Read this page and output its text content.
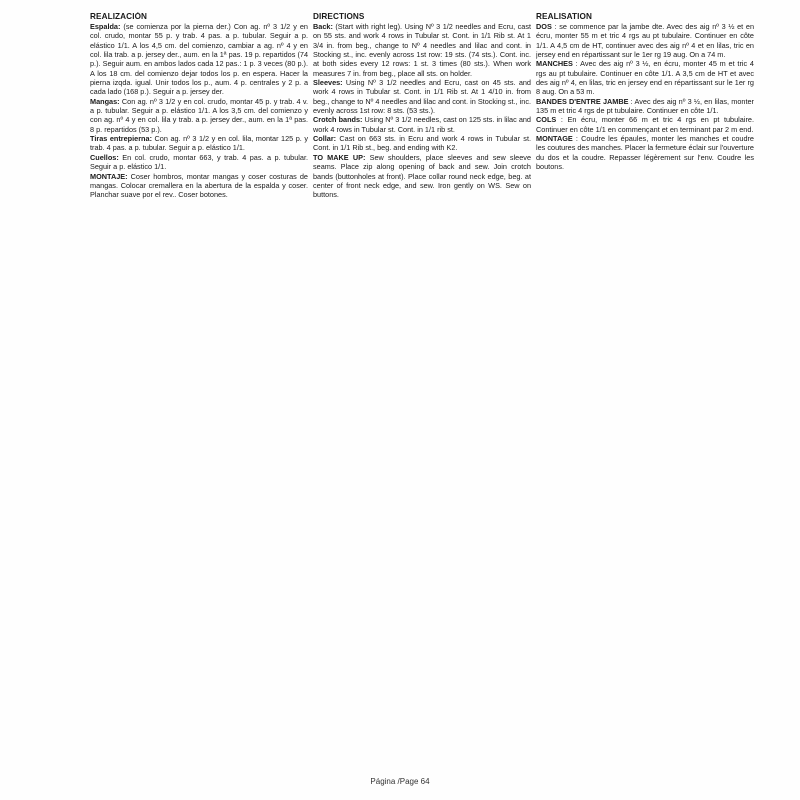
REALIZACIÓN

Espalda: (se comienza por la pierna der.) Con ag. nº 3 1/2 y en col. crudo, montar 55 p. y trab. 4 pas. a p. tubular. Seguir a p. elástico 1/1. A los 4,5 cm. del comienzo, cambiar a ag. nº 4 y en col. lila trab. a p. jersey der., aum. en la 1ª pas. 19 p. repartidos (74 p.). Seguir aum. en ambos lados cada 12 pas.: 1 p. 3 veces (80 p.). A los 18 cm. del comienzo dejar todos los p. en espera. Hacer la pierna izqda. igual. Unir todos los p., aum. 4 p. centrales y 2 p. a cada lado (168 p.). Seguir a p. jersey der.

Mangas: Con ag. nº 3 1/2 y en col. crudo, montar 45 p. y trab. 4 v. a p. tubular. Seguir a p. elástico 1/1. A los 3,5 cm. del comienzo y con ag. nº 4 y en col. lila y trab. a p. jersey der., aum. en la 1ª pas. 8 p. repartidos (53 p.).

Tiras entrepierna: Con ag. nº 3 1/2 y en col. lila, montar 125 p. y trab. 4 pas. a p. tubular. Seguir a p. elástico 1/1.

Cuellos: En col. crudo, montar 663, y trab. 4 pas. a p. tubular. Seguir a p. elástico 1/1.

MONTAJE: Coser hombros, montar mangas y coser costuras de mangas. Colocar cremallera en la abertura de la espalda y coser. Planchar suave por el rev.. Coser botones.

DIRECTIONS

Back: (Start with right leg). Using Nº 3 1/2 needles and Ecru, cast on 55 sts. and work 4 rows in Tubular st. Cont. in 1/1 Rib st. At 1 3/4 in. from beg., change to Nº 4 needles and lilac and cont. in Stocking st., inc. evenly across 1st row: 19 sts. (74 sts.). Cont. inc. at both sides every 12 rows: 1 st. 3 times (80 sts.). When work measures 7 in. from beg., place all sts. on holder.

Sleeves: Using Nº 3 1/2 needles and Ecru, cast on 45 sts. and work 4 rows in Tubular st. Cont. in 1/1 Rib st. At 1 4/10 in. from beg., change to Nº 4 needles and lilac and cont. in Stocking st., inc. evenly across 1st row: 8 sts. (53 sts.).

Crotch bands: Using Nº 3 1/2 needles, cast on 125 sts. in lilac and work 4 rows in Tubular st. Cont. in 1/1 rib st.

Collar: Cast on 663 sts. in Ecru and work 4 rows in Tubular st. Cont. in 1/1 Rib st., beg. and ending with K2.

TO MAKE UP: Sew shoulders, place sleeves and sew sleeve seams. Place zip along opening of back and sew. Join crotch bands (buttonholes at front). Place collar round neck edge, beg. at center of front neck edge, and sew. Iron gently on WS. Sew on buttons.

REALISATION

DOS : se commence par la jambe dte. Avec des aig nº 3 ½ et en écru, monter 55 m et tric 4 rgs au pt tubulaire. Continuer en côte 1/1. A 4,5 cm de HT, continuer avec des aig nº 4 et en lilas, tric en jersey end en répartissant sur le 1er rg 19 aug. On a 74 m.

MANCHES : Avec des aig nº 3 ½, en écru, monter 45 m et tric 4 rgs au pt tubulaire. Continuer en côte 1/1. A 3,5 cm de HT et avec des aig nº 4, en lilas, tric en jersey end en répartissant sur le 1er rg 8 aug. On a 53 m.

BANDES D'ENTRE JAMBE : Avec des aig nº 3 ½, en lilas, monter 135 m et tric 4 rgs de pt tubulaire. Continuer en côte 1/1.

COLS : En écru, monter 66 m et tric 4 rgs en pt tubulaire. Continuer en côte 1/1 en commençant et en terminant par 2 m end.

MONTAGE : Coudre les épaules, monter les manches et coudre les coutures des manches. Placer la fermeture éclair sur l'ouverture du dos et la coudre. Repasser légèrement sur l'env. Coudre les boutons.

Página /Page 64
